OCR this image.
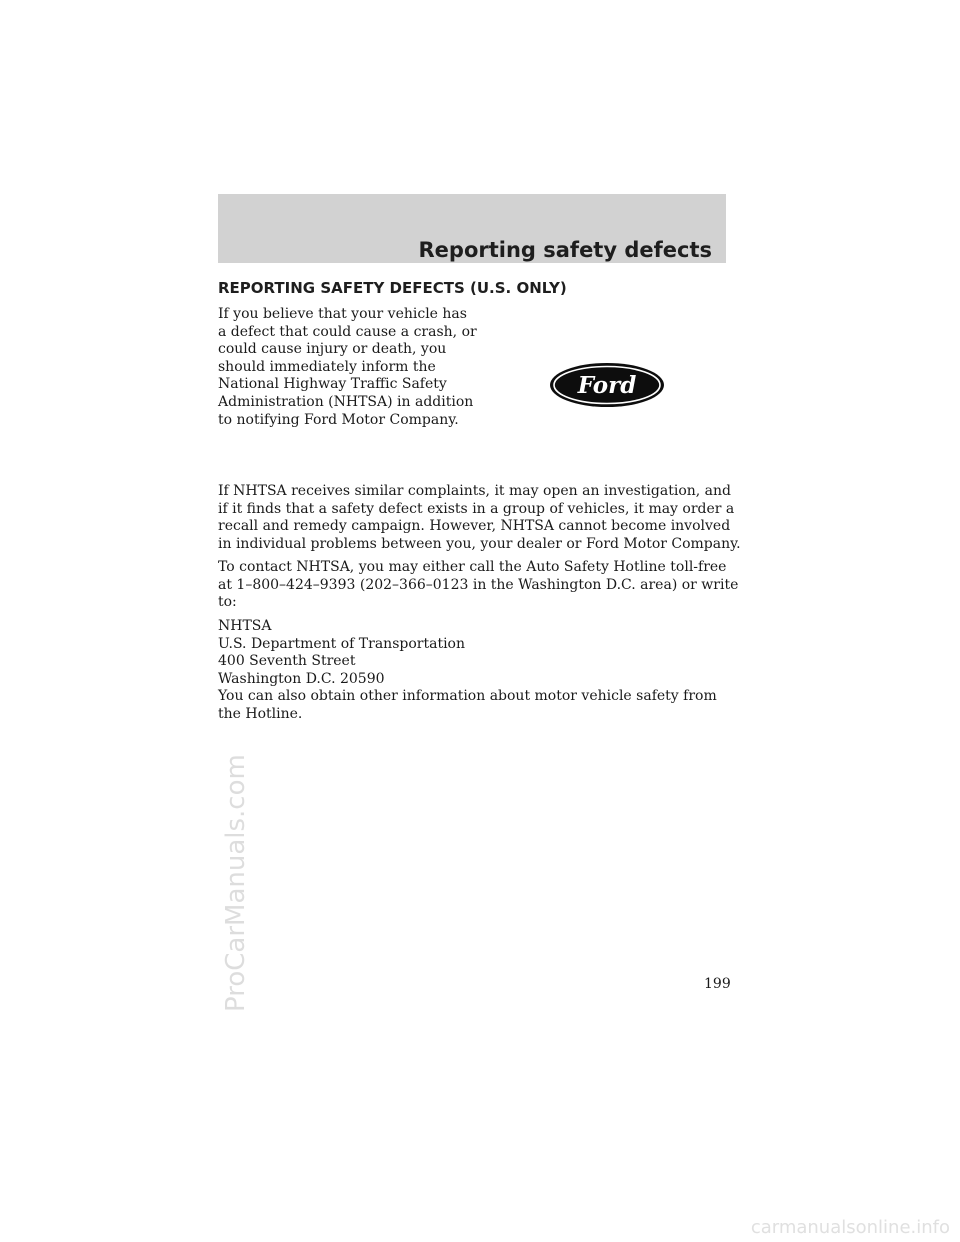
Reporting safety defects
REPORTING SAFETY DEFECTS (U.S. ONLY)

If you believe that your vehicle has
a defect that could cause a crash, or
could cause injury or death, you
should immediately inform the
National Highway Traffic Safety
Administration (NHTSA) in addition
to notifying Ford Motor Company.

Ford

If NHTSA receives similar complaints, it may open an investigation, and
if it finds that a safety defect exists in a group of vehicles, it may order a
recall and remedy campaign. However, NHTSA cannot become involved
in individual problems between you, your dealer or Ford Motor Company.

To contact NHTSA, you may either call the Auto Safety Hotline toll-free
at 1–800–424–9393 (202–366–0123 in the Washington D.C. area) or write
to:

NHTSA
U.S. Department of Transportation
400 Seventh Street
Washington D.C. 20590

You can also obtain other information about motor vehicle safety from
the Hotline.

199
ProCarManuals.com
carmanualsonline.info
